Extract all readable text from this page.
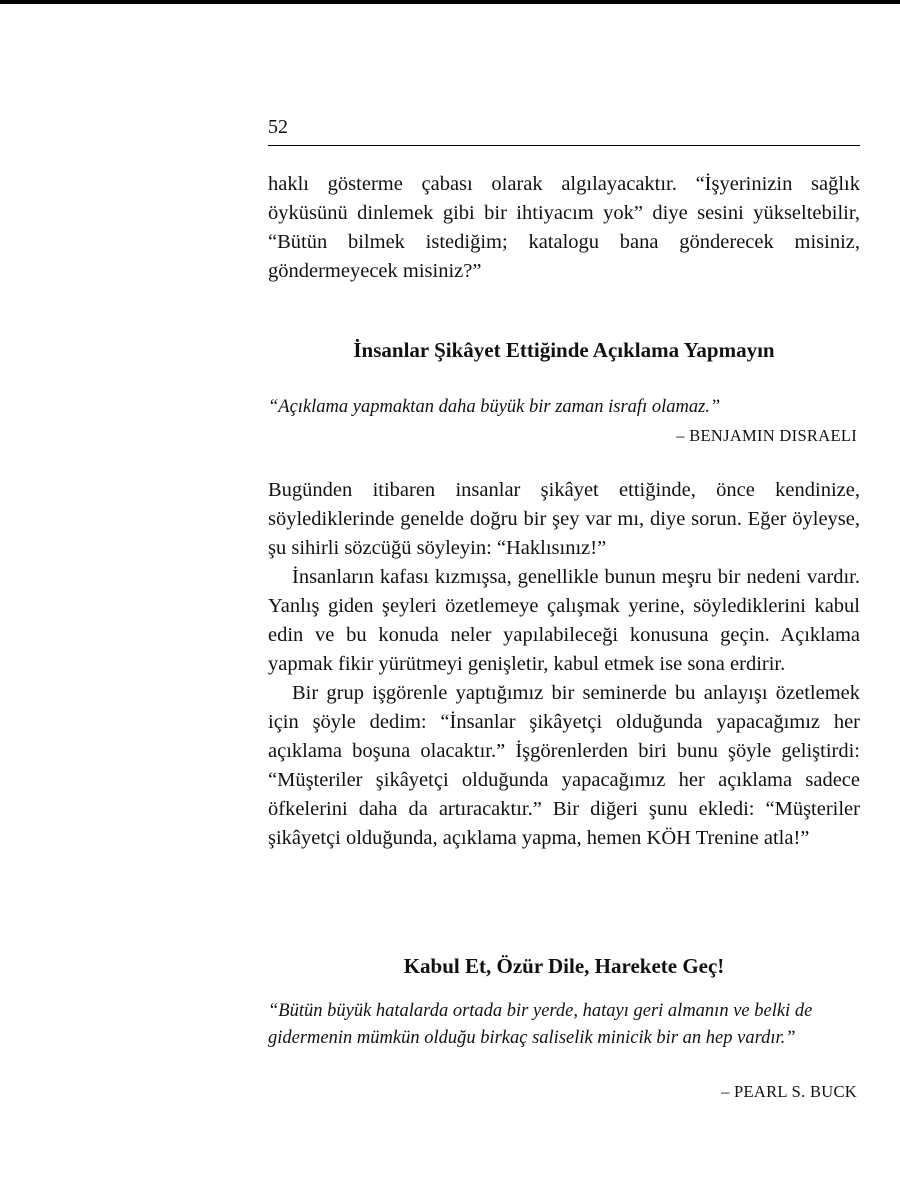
52

haklı gösterme çabası olarak algılayacaktır. “İşyerinizin sağlık öyküsünü dinlemek gibi bir ihtiyacım yok” diye sesini yükseltebilir, “Bütün bilmek istediğim; katalogu bana gönderecek misiniz, göndermeyecek misiniz?”

İnsanlar Şikâyet Ettiğinde Açıklama Yapmayın

“Açıklama yapmaktan daha büyük bir zaman israfı olamaz.”

– BENJAMIN DISRAELI

Bugünden itibaren insanlar şikâyet ettiğinde, önce kendinize, söylediklerinde genelde doğru bir şey var mı, diye sorun. Eğer öyleyse, şu sihirli sözcüğü söyleyin: “Haklısınız!”

İnsanların kafası kızmışsa, genellikle bunun meşru bir nedeni vardır. Yanlış giden şeyleri özetlemeye çalışmak yerine, söylediklerini kabul edin ve bu konuda neler yapılabileceği konusuna geçin. Açıklama yapmak fikir yürütmeyi genişletir, kabul etmek ise sona erdirir.

Bir grup işgörenle yaptığımız bir seminerde bu anlayışı özetlemek için şöyle dedim: “İnsanlar şikâyetçi olduğunda yapacağımız her açıklama boşuna olacaktır.” İşgörenlerden biri bunu şöyle geliştirdi: “Müşteriler şikâyetçi olduğunda yapacağımız her açıklama sadece öfkelerini daha da artıracaktır.” Bir diğeri şunu ekledi: “Müşteriler şikâyetçi olduğunda, açıklama yapma, hemen KÖH Trenine atla!”

Kabul Et, Özür Dile, Harekete Geç!

“Bütün büyük hatalarda ortada bir yerde, hatayı geri almanın ve belki de gidermenin mümkün olduğu birkaç saliselik minicik bir an hep vardır.”

– PEARL S. BUCK
